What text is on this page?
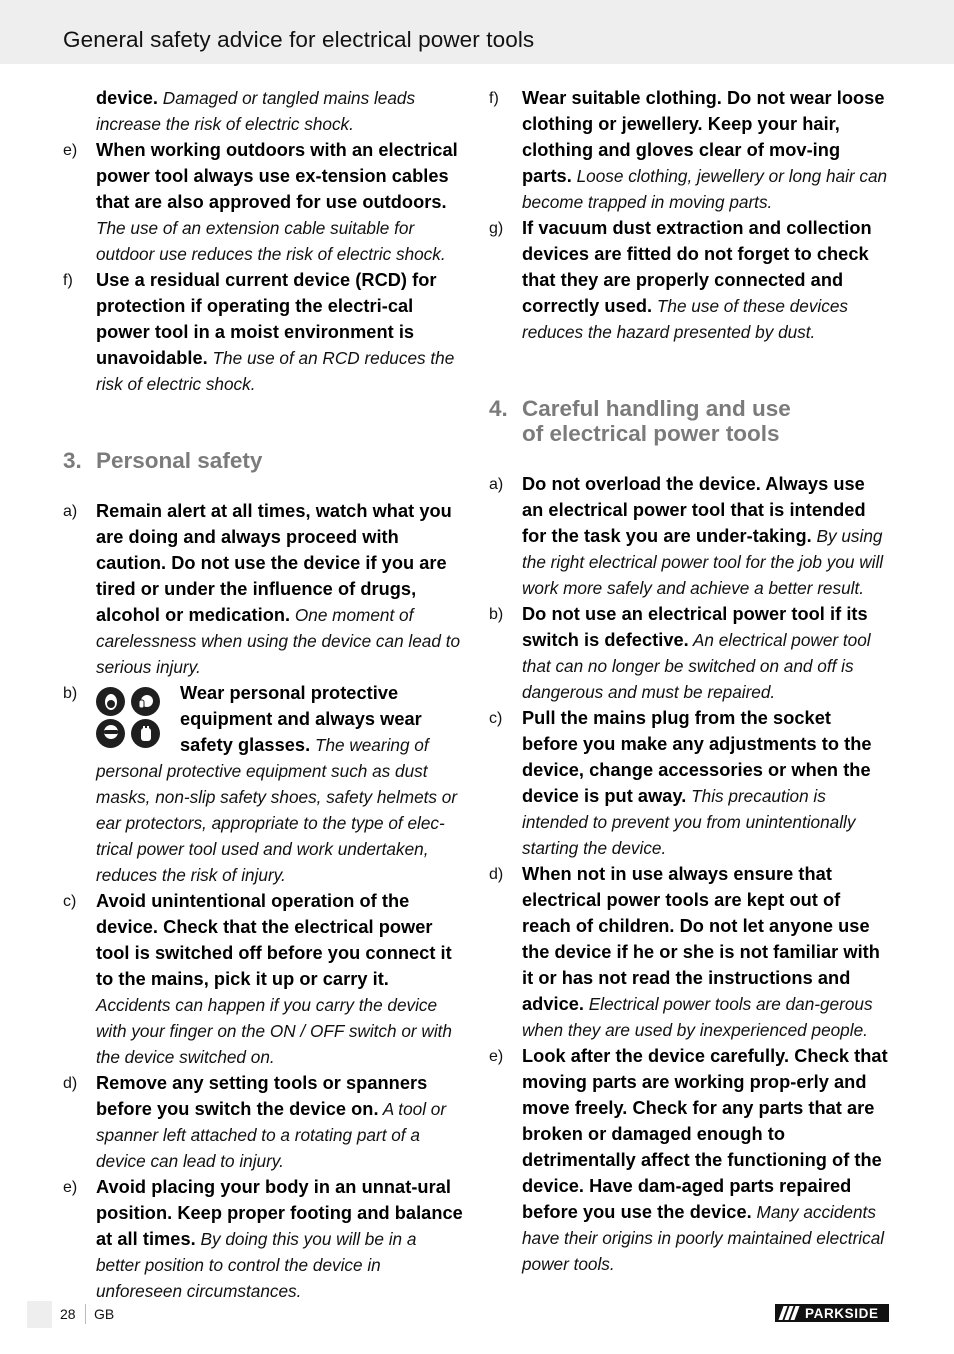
General safety advice for electrical power tools
device. Damaged or tangled mains leads increase the risk of electric shock.
e) When working outdoors with an electrical power tool always use ex-tension cables that are also approved for use outdoors. The use of an extension cable suitable for outdoor use reduces the risk of electric shock.
f) Use a residual current device (RCD) for protection if operating the electri-cal power tool in a moist environment is unavoidable. The use of an RCD reduces the risk of electric shock.
3. Personal safety
a) Remain alert at all times, watch what you are doing and always proceed with caution. Do not use the device if you are tired or under the influence of drugs, alcohol or medication. One moment of carelessness when using the device can lead to serious injury.
b)	Wear personal protective equipment and always wear safety glasses. The wearing of personal protective equipment such as dust masks, non-slip safety shoes, safety helmets or ear protectors, appropriate to the type of elec-trical power tool used and work undertaken, reduces the risk of injury.
c) Avoid unintentional operation of the device. Check that the electrical power tool is switched off before you connect it to the mains, pick it up or carry it. Accidents can happen if you carry the device with your finger on the ON / OFF switch or with the device switched on.
d) Remove any setting tools or spanners before you switch the device on. A tool or spanner left attached to a rotating part of a device can lead to injury.
e) Avoid placing your body in an unnat-ural position. Keep proper footing and balance at all times. By doing this you will be in a better position to control the device in unforeseen circumstances.
f) Wear suitable clothing. Do not wear loose clothing or jewellery. Keep your hair, clothing and gloves clear of mov-ing parts. Loose clothing, jewellery or long hair can become trapped in moving parts.
g) If vacuum dust extraction and collection devices are fitted do not forget to check that they are properly connected and correctly used. The use of these devices reduces the hazard presented by dust.
4. Careful handling and use
of electrical power tools
a) Do not overload the device. Always use an electrical power tool that is intended for the task you are under-taking. By using the right electrical power tool for the job you will work more safely and achieve a better result.
b) Do not use an electrical power tool if its switch is defective. An electrical power tool that can no longer be switched on and off is dangerous and must be repaired.
c) Pull the mains plug from the socket before you make any adjustments to the device, change accessories or when the device is put away. This precaution is intended to prevent you from unintentionally starting the device.
d) When not in use always ensure that electrical power tools are kept out of reach of children. Do not let anyone use the device if he or she is not familiar with it or has not read the instructions and advice. Electrical power tools are dan-gerous when they are used by inexperienced people.
e) Look after the device carefully. Check that moving parts are working prop-erly and move freely. Check for any parts that are broken or damaged enough to detrimentally affect the functioning of the device. Have dam-aged parts repaired before you use the device. Many accidents have their origins in poorly maintained electrical power tools.
28 GB	PARKSIDE
